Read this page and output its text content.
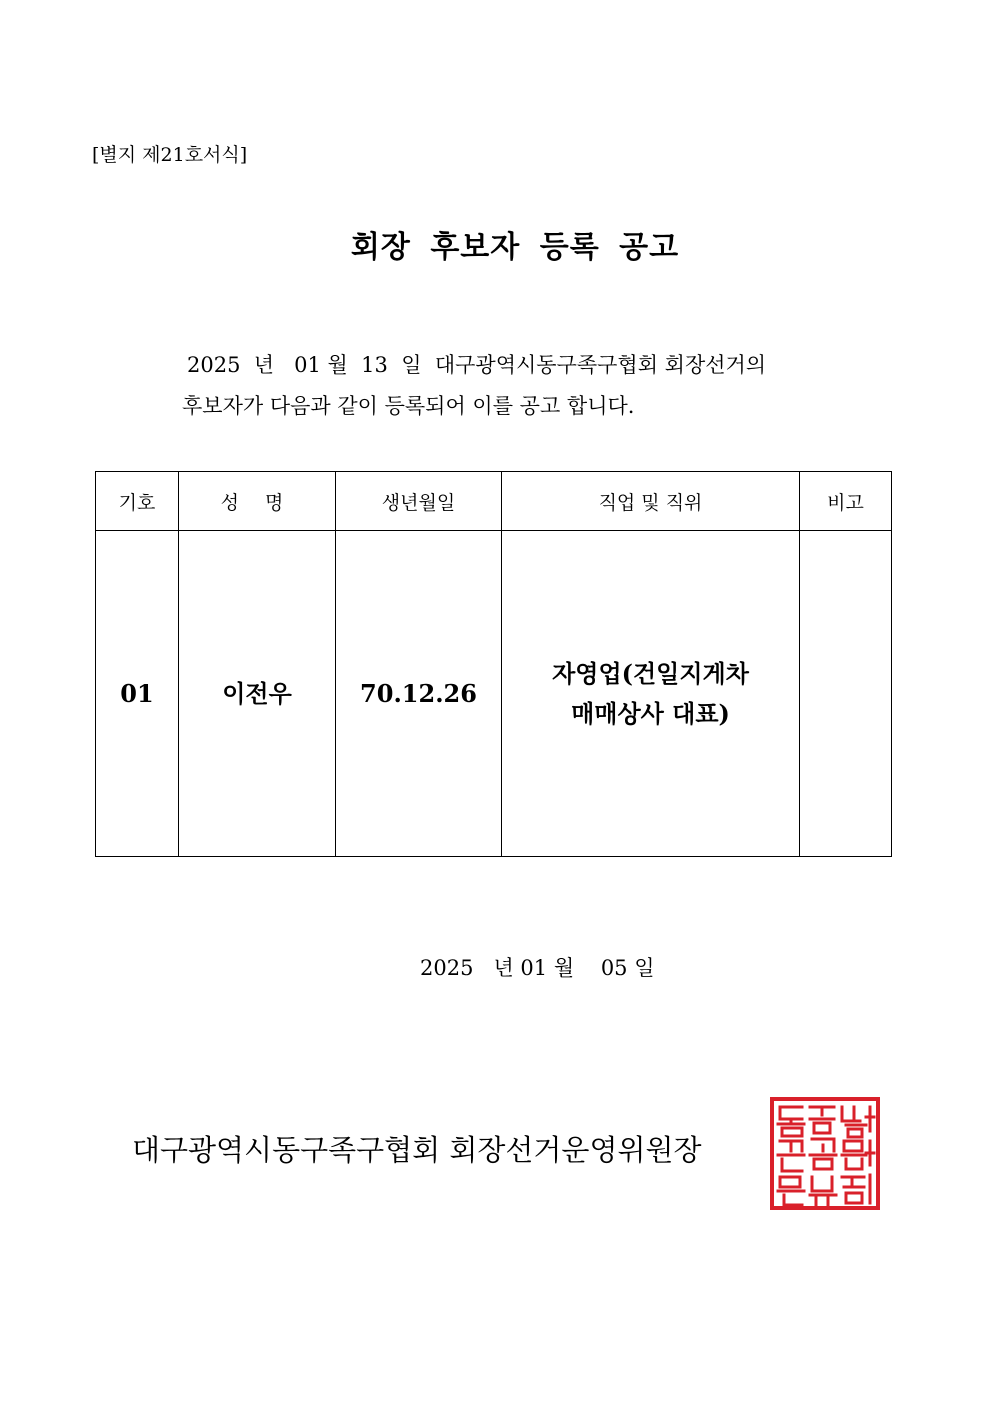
[별지 제21호서식]
회장 후보자 등록 공고
2025  년   01 월  13  일  대구광역시동구족구협회 회장선거의
후보자가 다음과 같이 등록되어 이를 공고 합니다.
기호	성 명	생년월일	직업 및 직위	비고
01	이전우	70.12.26	자영업(건일지게차
매매상사 대표)	

2025   년 01 월    05 일
대구광역시동구족구협회 회장선거운영위원장
